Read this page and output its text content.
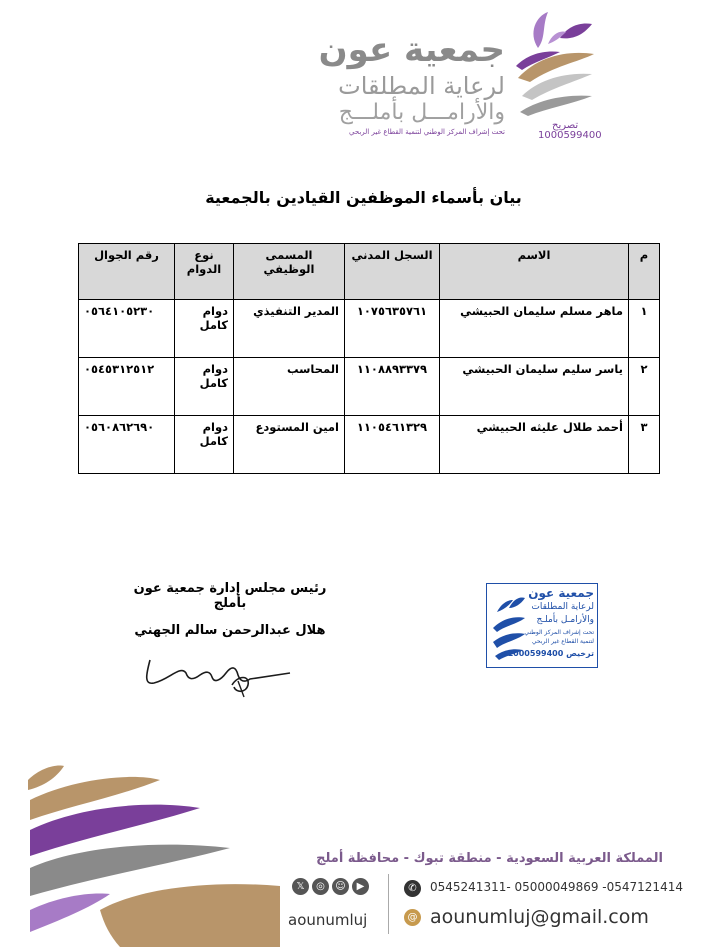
جمعية عون
لرعاية المطلقات
والأرامـــل بأملـــج
تحت إشراف المركز الوطني لتنمية القطاع غير الربحي
تصريح
1000599400
بيان بأسماء الموظفين القيادين بالجمعية
م	الاسم	السجل المدني	المسمى الوظيفي	نوع الدوام	رقم الجوال
١	ماهر مسلم سليمان الحبيشي	١٠٧٥٦٣٥٧٦١	المدير التنفيذي	دوام كامل	٠٥٦٤١٠٥٢٣٠
٢	ياسر سليم سليمان الحبيشي	١١٠٨٨٩٣٣٧٩	المحاسب	دوام كامل	٠٥٤٥٣١٢٥١٢
٣	أحمد طلال عليثه الحبيشي	١١٠٥٤٦١٣٢٩	امين المستودع	دوام كامل	٠٥٦٠٨٦٢٦٩٠
رئيس مجلس إدارة جمعية عون بأملج
هلال عبدالرحمن سالم الجهني
جمعية عون
لرعاية المطلقات
والأرامـل بأملـج
تحت إشراف المركز الوطني
لتنمية القطاع غير الربحي
ترخيص 1000599400
المملكة العربية السعودية - منطقة تبوك - محافظة أملج
𝕏	◎	☺	▶
aounumluj
✆	0545241311- 05000049869 -0547121414
@ aounumluj@gmail.com
